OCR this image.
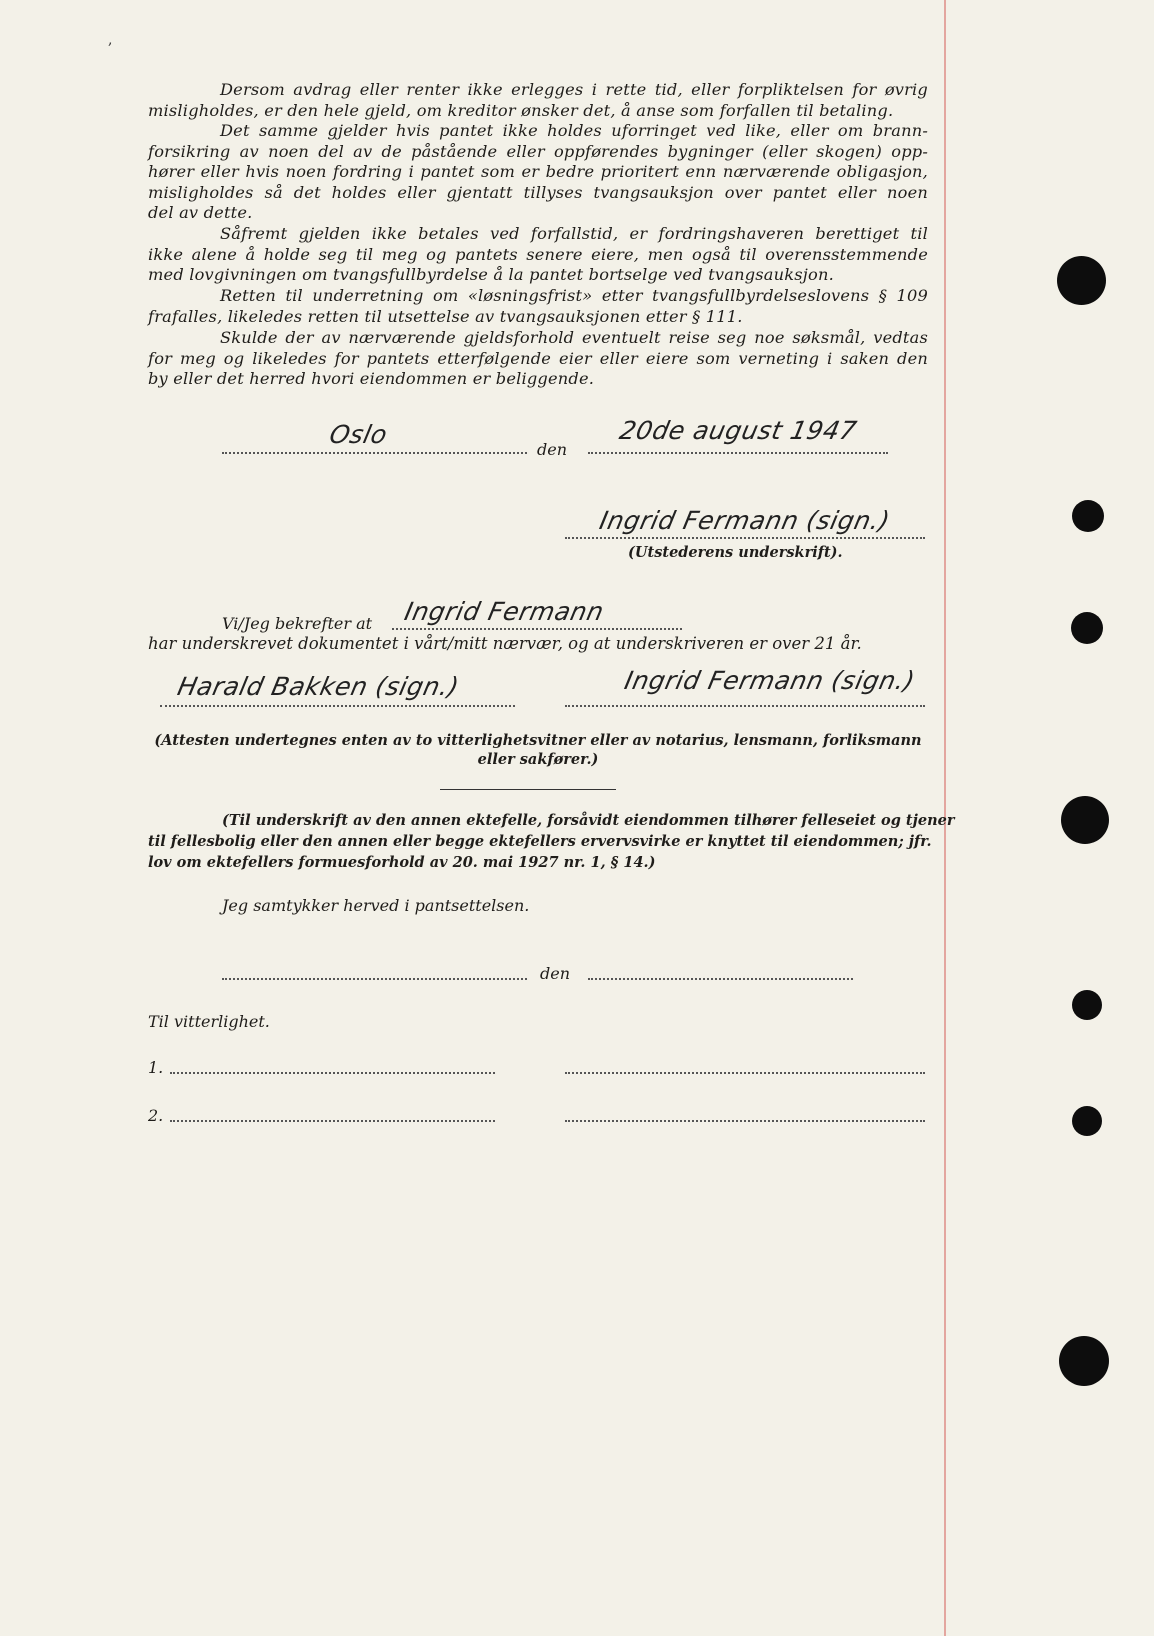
,
Dersom avdrag eller renter ikke erlegges i rette tid, eller forpliktelsen for øvrig
misligholdes, er den hele gjeld, om kreditor ønsker det, å anse som forfallen til betaling.
Det samme gjelder hvis pantet ikke holdes uforringet ved like, eller om brann-
forsikring av noen del av de påstående eller oppførendes bygninger (eller skogen) opp-
hører eller hvis noen fordring i pantet som er bedre prioritert enn nærværende obligasjon,
misligholdes så det holdes eller gjentatt tillyses tvangsauksjon over pantet eller noen
del av dette.
Såfremt gjelden ikke betales ved forfallstid, er fordringshaveren berettiget til
ikke alene å holde seg til meg og pantets senere eiere, men også til overensstemmende
med lovgivningen om tvangsfullbyrdelse å la pantet bortselge ved tvangsauksjon.
Retten til underretning om «løsningsfrist» etter tvangsfullbyrdelseslovens § 109
frafalles, likeledes retten til utsettelse av tvangsauksjonen etter § 111.
Skulde der av nærværende gjeldsforhold eventuelt reise seg noe søksmål, vedtas
for meg og likeledes for pantets etterfølgende eier eller eiere som verneting i saken den
by eller det herred hvori eiendommen er beliggende.
Oslo
den
20de august 1947
Ingrid Fermann (sign.)
(Utstederens underskrift).
Vi/Jeg bekrefter at Ingrid Fermann
har underskrevet dokumentet i vårt/mitt nærvær, og at underskriveren er over 21 år.
Harald Bakken (sign.)	Ingrid Fermann (sign.)
(Attesten undertegnes enten av to vitterlighetsvitner eller av notarius, lensmann, forliksmann
eller sakfører.)
(Til underskrift av den annen ektefelle, forsåvidt eiendommen tilhører felleseiet og tjener
til fellesbolig eller den annen eller begge ektefellers ervervsvirke er knyttet til eiendommen; jfr.
lov om ektefellers formuesforhold av 20. mai 1927 nr. 1, § 14.)
Jeg samtykker herved i pantsettelsen.
den
Til vitterlighet.
1.
2.
